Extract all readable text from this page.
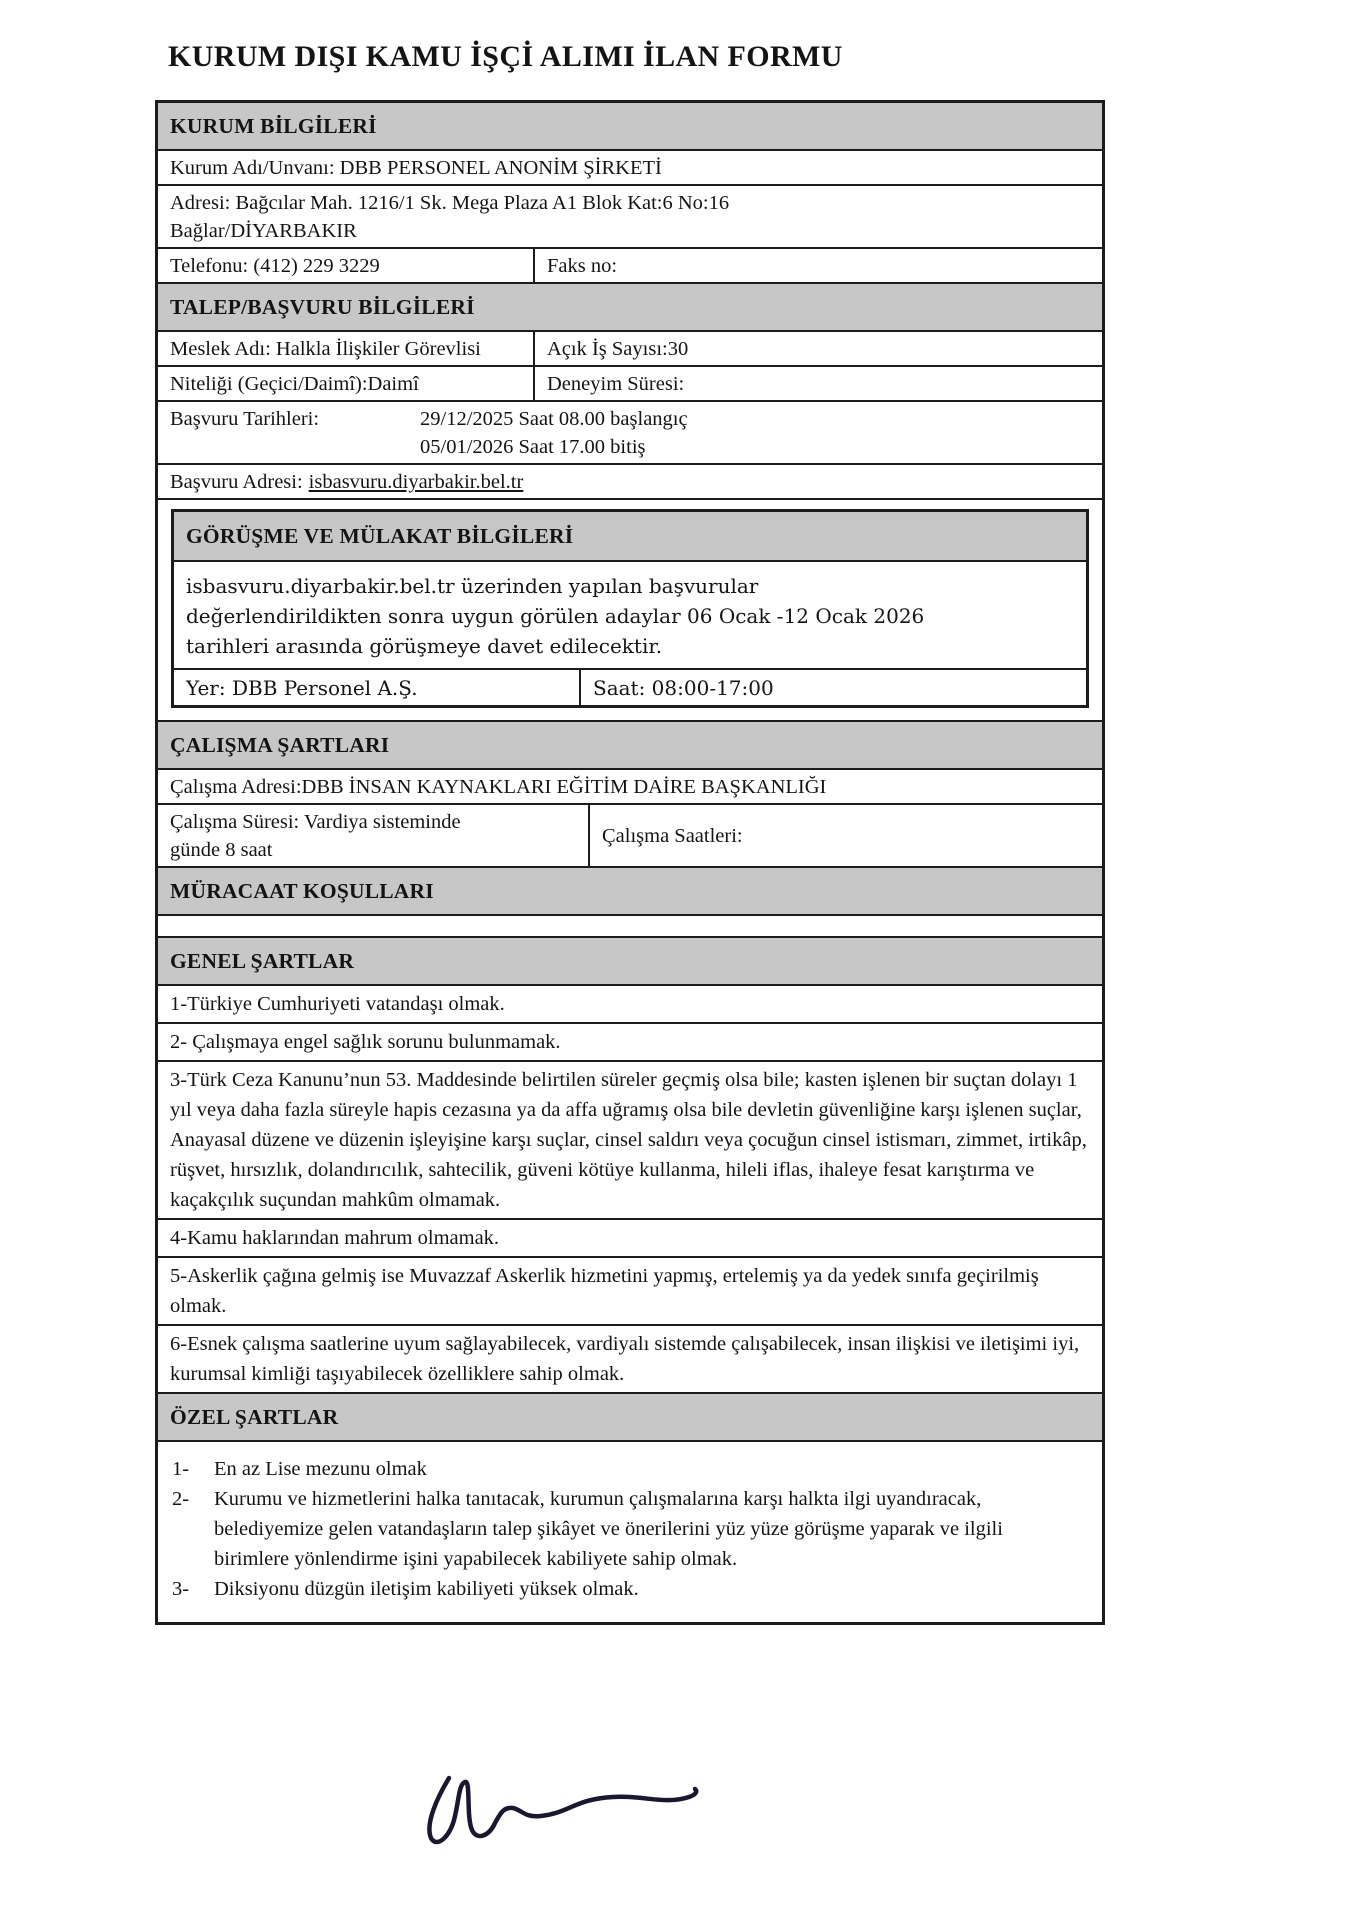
KURUM DIŞI KAMU İŞÇİ ALIMI İLAN FORMU
KURUM BİLGİLERİ
Kurum Adı/Unvanı: DBB PERSONEL ANONİM ŞİRKETİ
Adresi: Bağcılar Mah. 1216/1 Sk. Mega Plaza A1 Blok Kat:6 No:16
Bağlar/DİYARBAKIR
Telefonu: (412) 229 3229	Faks no:
TALEP/BAŞVURU BİLGİLERİ
Meslek Adı: Halkla İlişkiler Görevlisi	Açık İş Sayısı:30
Niteliği (Geçici/Daimî):Daimî	Deneyim Süresi:
Başvuru Tarihleri:	29/12/2025 Saat 08.00 başlangıç
05/01/2026 Saat 17.00 bitiş
Başvuru Adresi: isbasvuru.diyarbakir.bel.tr
GÖRÜŞME VE MÜLAKAT BİLGİLERİ
isbasvuru.diyarbakir.bel.tr üzerinden yapılan başvurular
değerlendirildikten sonra uygun görülen adaylar 06 Ocak -12 Ocak 2026
tarihleri arasında görüşmeye davet edilecektir.
Yer: DBB Personel A.Ş.	Saat: 08:00-17:00
ÇALIŞMA ŞARTLARI
Çalışma Adresi:DBB İNSAN KAYNAKLARI EĞİTİM DAİRE BAŞKANLIĞI
Çalışma Süresi: Vardiya sisteminde
günde 8 saat
Çalışma Saatleri:
MÜRACAAT KOŞULLARI
GENEL ŞARTLAR
1-Türkiye Cumhuriyeti vatandaşı olmak.
2- Çalışmaya engel sağlık sorunu bulunmamak.
3-Türk Ceza Kanunu’nun 53. Maddesinde belirtilen süreler geçmiş olsa bile; kasten işlenen bir suçtan dolayı 1 yıl veya daha fazla süreyle hapis cezasına ya da affa uğramış olsa bile devletin güvenliğine karşı işlenen suçlar, Anayasal düzene ve düzenin işleyişine karşı suçlar, cinsel saldırı veya çocuğun cinsel istismarı, zimmet, irtikâp, rüşvet, hırsızlık, dolandırıcılık, sahtecilik, güveni kötüye kullanma, hileli iflas, ihaleye fesat karıştırma ve kaçakçılık suçundan mahkûm olmamak.
4-Kamu haklarından mahrum olmamak.
5-Askerlik çağına gelmiş ise Muvazzaf Askerlik hizmetini yapmış, ertelemiş ya da yedek sınıfa geçirilmiş olmak.
6-Esnek çalışma saatlerine uyum sağlayabilecek, vardiyalı sistemde çalışabilecek, insan ilişkisi ve iletişimi iyi, kurumsal kimliği taşıyabilecek özelliklere sahip olmak.
ÖZEL ŞARTLAR
1-	En az Lise mezunu olmak
2-	Kurumu ve hizmetlerini halka tanıtacak, kurumun çalışmalarına karşı halkta ilgi uyandıracak, belediyemize gelen vatandaşların talep şikâyet ve önerilerini yüz yüze görüşme yaparak ve ilgili birimlere yönlendirme işini yapabilecek kabiliyete sahip olmak.
3-	Diksiyonu düzgün iletişim kabiliyeti yüksek olmak.
